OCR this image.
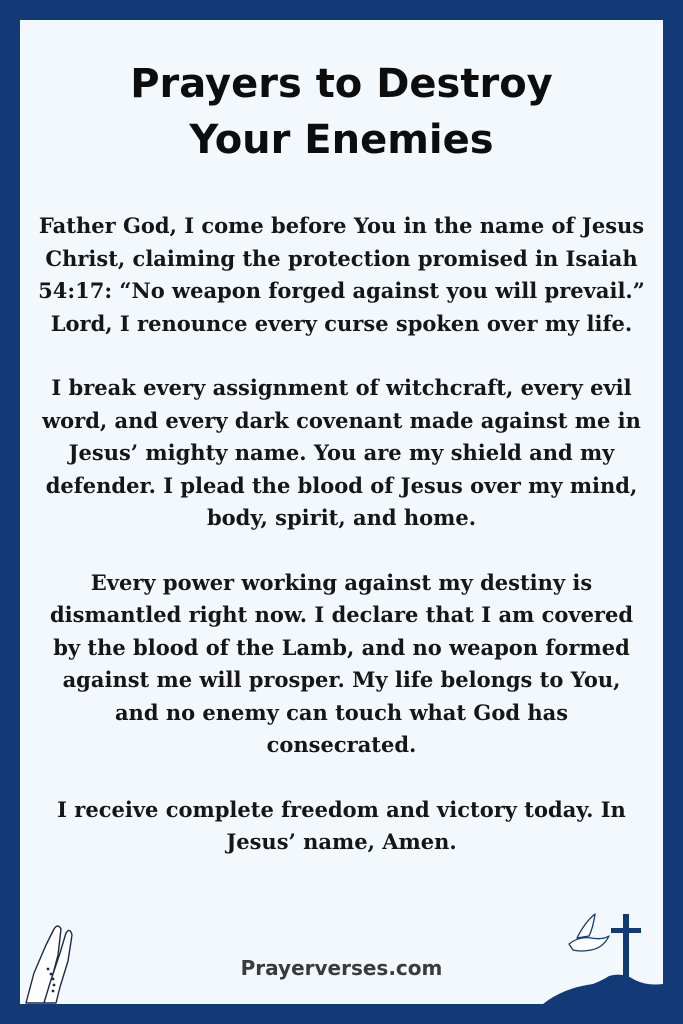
Prayers to Destroy
Your Enemies

Father God, I come before You in the name of Jesus Christ, claiming the protection promised in Isaiah 54:17: “No weapon forged against you will prevail.” Lord, I renounce every curse spoken over my life.

I break every assignment of witchcraft, every evil word, and every dark covenant made against me in Jesus’ mighty name. You are my shield and my defender. I plead the blood of Jesus over my mind, body, spirit, and home.

Every power working against my destiny is dismantled right now. I declare that I am covered by the blood of the Lamb, and no weapon formed against me will prosper. My life belongs to You, and no enemy can touch what God has consecrated.

I receive complete freedom and victory today. In Jesus’ name, Amen.

Prayerverses.com
